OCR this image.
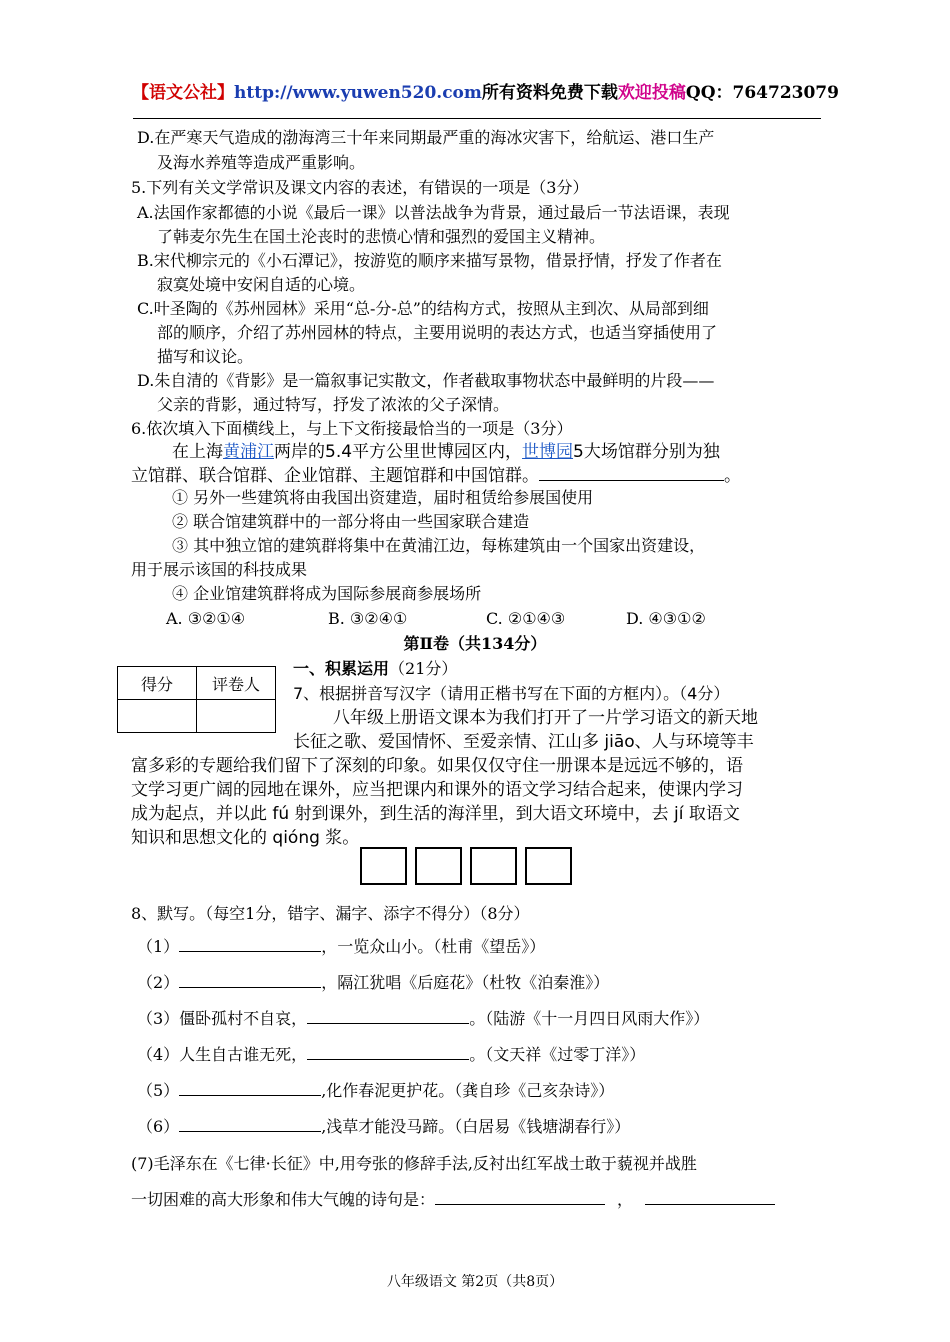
【语文公社】http://www.yuwen520.com所有资料免费下载欢迎投稿QQ：764723079
D.在严寒天气造成的渤海湾三十年来同期最严重的海冰灾害下，给航运、港口生产
及海水养殖等造成严重影响。
5.下列有关文学常识及课文内容的表述，有错误的一项是（3分）
A.法国作家都德的小说《最后一课》以普法战争为背景，通过最后一节法语课，表现
了韩麦尔先生在国土沦丧时的悲愤心情和强烈的爱国主义精神。
B.宋代柳宗元的《小石潭记》，按游览的顺序来描写景物，借景抒情，抒发了作者在
寂寞处境中安闲自适的心境。
C.叶圣陶的《苏州园林》采用“总-分-总”的结构方式，按照从主到次、从局部到细
部的顺序，介绍了苏州园林的特点，主要用说明的表达方式，也适当穿插使用了
描写和议论。
D.朱自清的《背影》是一篇叙事记实散文，作者截取事物状态中最鲜明的片段——
父亲的背影，通过特写，抒发了浓浓的父子深情。
6.依次填入下面横线上，与上下文衔接最恰当的一项是（3分）
在上海黄浦江两岸的5.4平方公里世博园区内，世博园5大场馆群分别为独
立馆群、联合馆群、企业馆群、主题馆群和中国馆群。	。
① 另外一些建筑将由我国出资建造，届时租赁给参展国使用
② 联合馆建筑群中的一部分将由一些国家联合建造
③ 其中独立馆的建筑群将集中在黄浦江边，每栋建筑由一个国家出资建设，
用于展示该国的科技成果
④ 企业馆建筑群将成为国际参展商参展场所
A. ③②①④	B. ③②④①	C. ②①④③	D. ④③①②
第Ⅱ卷（共134分）
得分	评卷人

一、积累运用（21分）
7、根据拼音写汉字（请用正楷书写在下面的方框内）。（4分）
八年级上册语文课本为我们打开了一片学习语文的新天地
长征之歌、爱国情怀、至爱亲情、江山多 jiāo、人与环境等丰
富多彩的专题给我们留下了深刻的印象。如果仅仅守住一册课本是远远不够的，语
文学习更广阔的园地在课外，应当把课内和课外的语文学习结合起来，使课内学习
成为起点，并以此 fú 射到课外，到生活的海洋里，到大语文环境中，去 jí 取语文
知识和思想文化的 qióng 浆。
8、默写。（每空1分，错字、漏字、添字不得分）（8分）
（1）	，一览众山小。（杜甫《望岳》）
（2）	，隔江犹唱《后庭花》（杜牧《泊秦淮》）
（3）僵卧孤村不自哀，	。（陆游《十一月四日风雨大作》）
（4）人生自古谁无死，	。（文天祥《过零丁洋》）
（5）	,化作春泥更护花。（龚自珍《己亥杂诗》）
（6）	,浅草才能没马蹄。（白居易《钱塘湖春行》）
(7)毛泽东在《七律·长征》中,用夸张的修辞手法,反衬出红军战士敢于藐视并战胜
一切困难的高大形象和伟大气魄的诗句是：	，
八年级语文 第2页（共8页）
